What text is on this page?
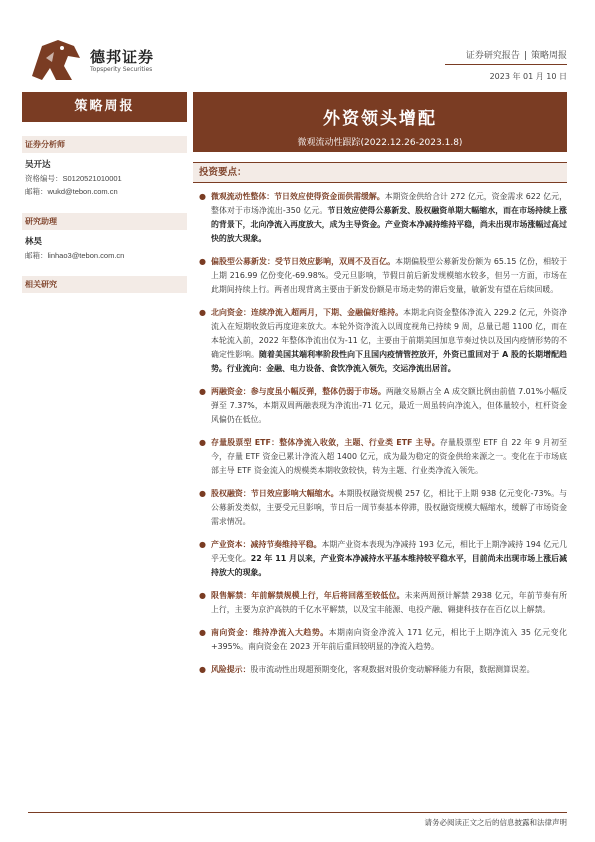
德邦证券
Topsperity Securities
证券研究报告 | 策略周报
2023 年 01 月 10 日
策略周报
证券分析师
吴开达
资格编号：S0120521010001
邮箱：wukd@tebon.com.cn
研究助理
林昊
邮箱：linhao3@tebon.com.cn
相关研究
外资领头增配
微观流动性跟踪(2022.12.26-2023.1.8)
投资要点：
● 微观流动性整体：节日效应使得资金面供需缓解。本期资金供给合计 272 亿元，资金需求 622 亿元，整体对于市场净流出-350 亿元。节日效应使得公募新发、股权融资单期大幅缩水，而在市场持续上涨的背景下，北向净流入再度放大，成为主导资金。产业资本净减持维持平稳，尚未出现市场涨幅过高过快的放大现象。
● 偏股型公募新发：受节日效应影响，双周不及百亿。本期偏股型公募新发份额为 65.15 亿份，相较于上期 216.99 亿份变化-69.98%。受元旦影响，节假日前后新发规模缩水较多，但另一方面，市场在此期间持续上行。两者出现背离主要由于新发份额是市场走势的滞后变量，敏新发有望在后续回暖。
● 北向资金：连续净流入超两月，下期、金融偏好维持。本期北向资金整体净流入 229.2 亿元，外资净流入在短期收敛后再度迎来放大。本轮外资净流入以周度视角已持续 9 周，总量已超 1100 亿，而在本轮流入前，2022 年整体净流出仅为-11 亿，主要由于前期美国加息节奏过快以及国内疫情形势的不确定性影响。随着美国其端利率阶段性向下且国内疫情管控放开，外资已重回对于 A 股的长期增配趋势。行业流向：金融、电力设备、食饮净流入领先，交运净流出居首。
● 两融资金：参与度虽小幅反弹，整体仍弱于市场。两融交易额占全 A 成交额比例由前值 7.01%小幅反弹至 7.37%，本期双周两融表现为净流出-71 亿元，最近一周虽转向净流入，但体量较小，杠杆资金风偏仍在低位。
● 存量股票型 ETF：整体净流入收敛，主题、行业类 ETF 主导。存量股票型 ETF 自 22 年 9 月初至今，存量 ETF 资金已累计净流入超 1400 亿元，成为最为稳定的资金供给来源之一。变化在于市场底部主导 ETF 资金流入的规模类本期收敛较快，转为主题、行业类净流入领先。
● 股权融资：节日效应影响大幅缩水。本期股权融资规模 257 亿，相比于上期 938 亿元变化-73%。与公募新发类似，主要受元旦影响，节日后一周节奏基本停滞，股权融资规模大幅缩水，缓解了市场资金需求情况。
● 产业资本：减持节奏维持平稳。本期产业资本表现为净减持 193 亿元，相比于上期净减持 194 亿元几乎无变化。22 年 11 月以来，产业资本净减持水平基本维持较平稳水平，目前尚未出现市场上涨后减持放大的现象。
● 限售解禁：年前解禁规模上行，年后将回落至较低位。未来两周预计解禁 2938 亿元，年前节奏有所上行，主要为京沪高铁的千亿水平解禁，以及宝丰能源、电投产融、翱捷科技存在百亿以上解禁。
● 南向资金：维持净流入大趋势。本期南向资金净流入 171 亿元，相比于上期净流入 35 亿元变化+395%。南向资金在 2023 开年前后重回较明显的净流入趋势。
● 风险提示：股市流动性出现超预期变化，客观数据对股价变动解释能力有限，数据测算误差。
请务必阅读正文之后的信息披露和法律声明
